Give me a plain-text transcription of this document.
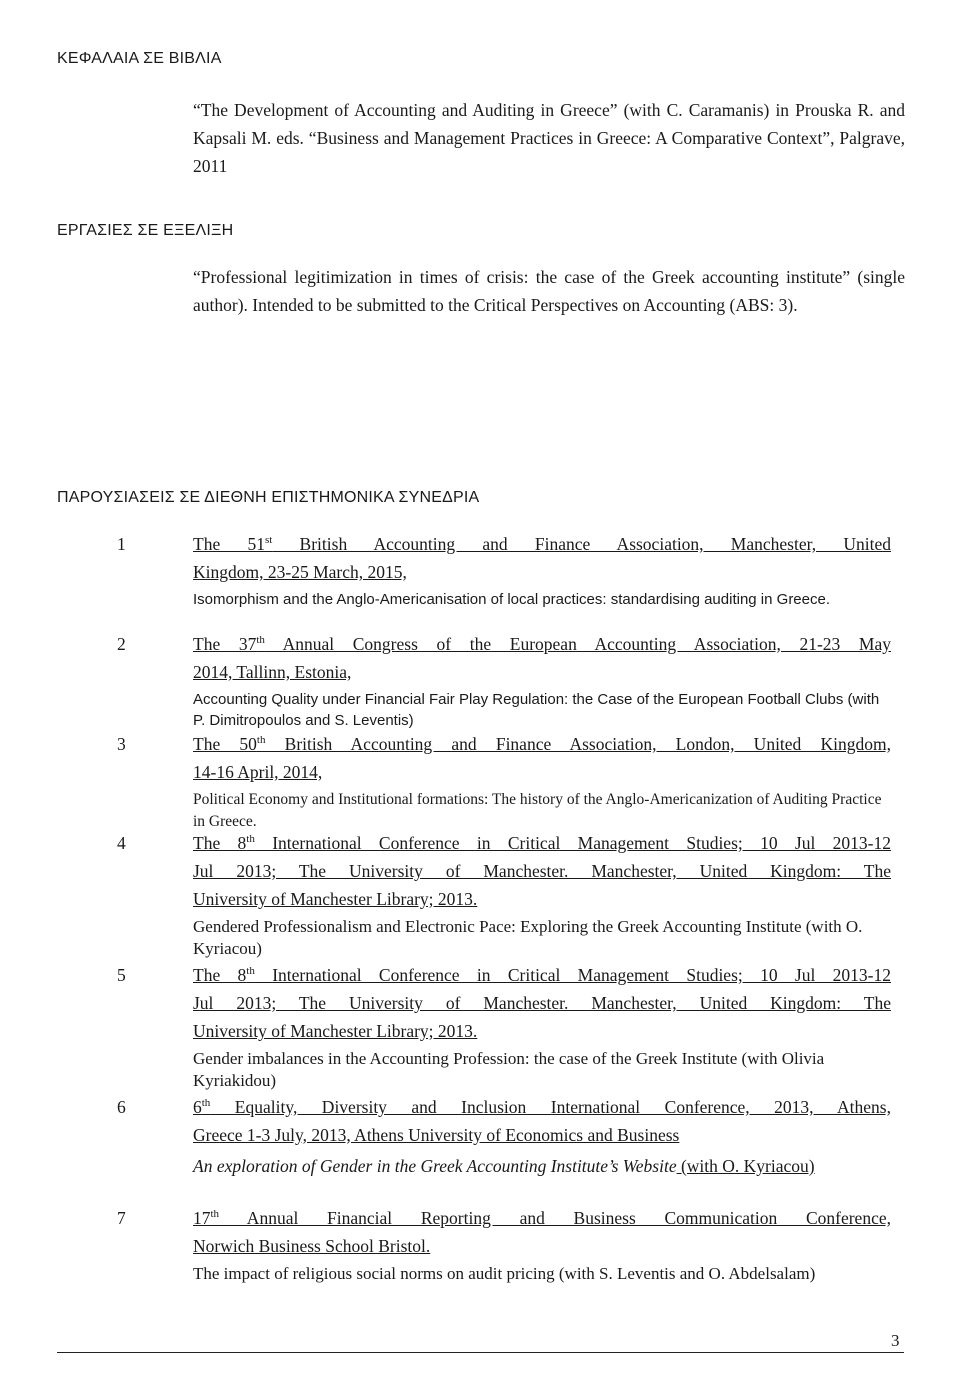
ΚΕΦΑΛΑΙΑ ΣΕ ΒΙΒΛΙΑ

“The Development of Accounting and Auditing in Greece” (with C. Caramanis) in Prouska R. and Kapsali M. eds. “Business and Management Practices in Greece: A Comparative Context”, Palgrave, 2011

ΕΡΓΑΣΙΕΣ ΣΕ ΕΞΕΛΙΞΗ

“Professional legitimization in times of crisis: the case of the Greek accounting institute” (single author). Intended to be submitted to the Critical Perspectives on Accounting (ABS: 3).

ΠΑΡΟΥΣΙΑΣΕΙΣ ΣΕ ΔΙΕΘΝΗ ΕΠΙΣΤΗΜΟΝΙΚΑ ΣΥΝΕΔΡΙΑ
1	The 51st British Accounting and Finance Association, Manchester, United
Kingdom, 23-25 March, 2015,
Isomorphism and the Anglo-Americanisation of local practices: standardising auditing in Greece.
2	The 37th Annual Congress of the European Accounting Association, 21-23 May
2014, Tallinn, Estonia,
Accounting Quality under Financial Fair Play Regulation: the Case of the European Football Clubs (with P. Dimitropoulos and S. Leventis)
3	The 50th British Accounting and Finance Association, London, United Kingdom,
14-16 April, 2014,
Political Economy and Institutional formations: The history of the Anglo-Americanization of Auditing Practice in Greece.
4	The 8th International Conference in Critical Management Studies; 10 Jul 2013-12
Jul 2013; The University of Manchester. Manchester, United Kingdom: The
University of Manchester Library; 2013.
Gendered Professionalism and Electronic Pace: Exploring the Greek Accounting Institute (with O. Kyriacou)
5	The 8th International Conference in Critical Management Studies; 10 Jul 2013-12
Jul 2013; The University of Manchester. Manchester, United Kingdom: The
University of Manchester Library; 2013.
Gender imbalances in the Accounting Profession: the case of the Greek Institute (with Olivia Kyriakidou)
6	6th Equality, Diversity and Inclusion International Conference, 2013, Athens,
Greece 1-3 July, 2013, Athens University of Economics and Business
An exploration of Gender in the Greek Accounting Institute’s Website (with O. Kyriacou)
7	17th Annual Financial Reporting and Business Communication Conference,
Norwich Business School Bristol.
The impact of religious social norms on audit pricing (with S. Leventis and O. Abdelsalam)
3
